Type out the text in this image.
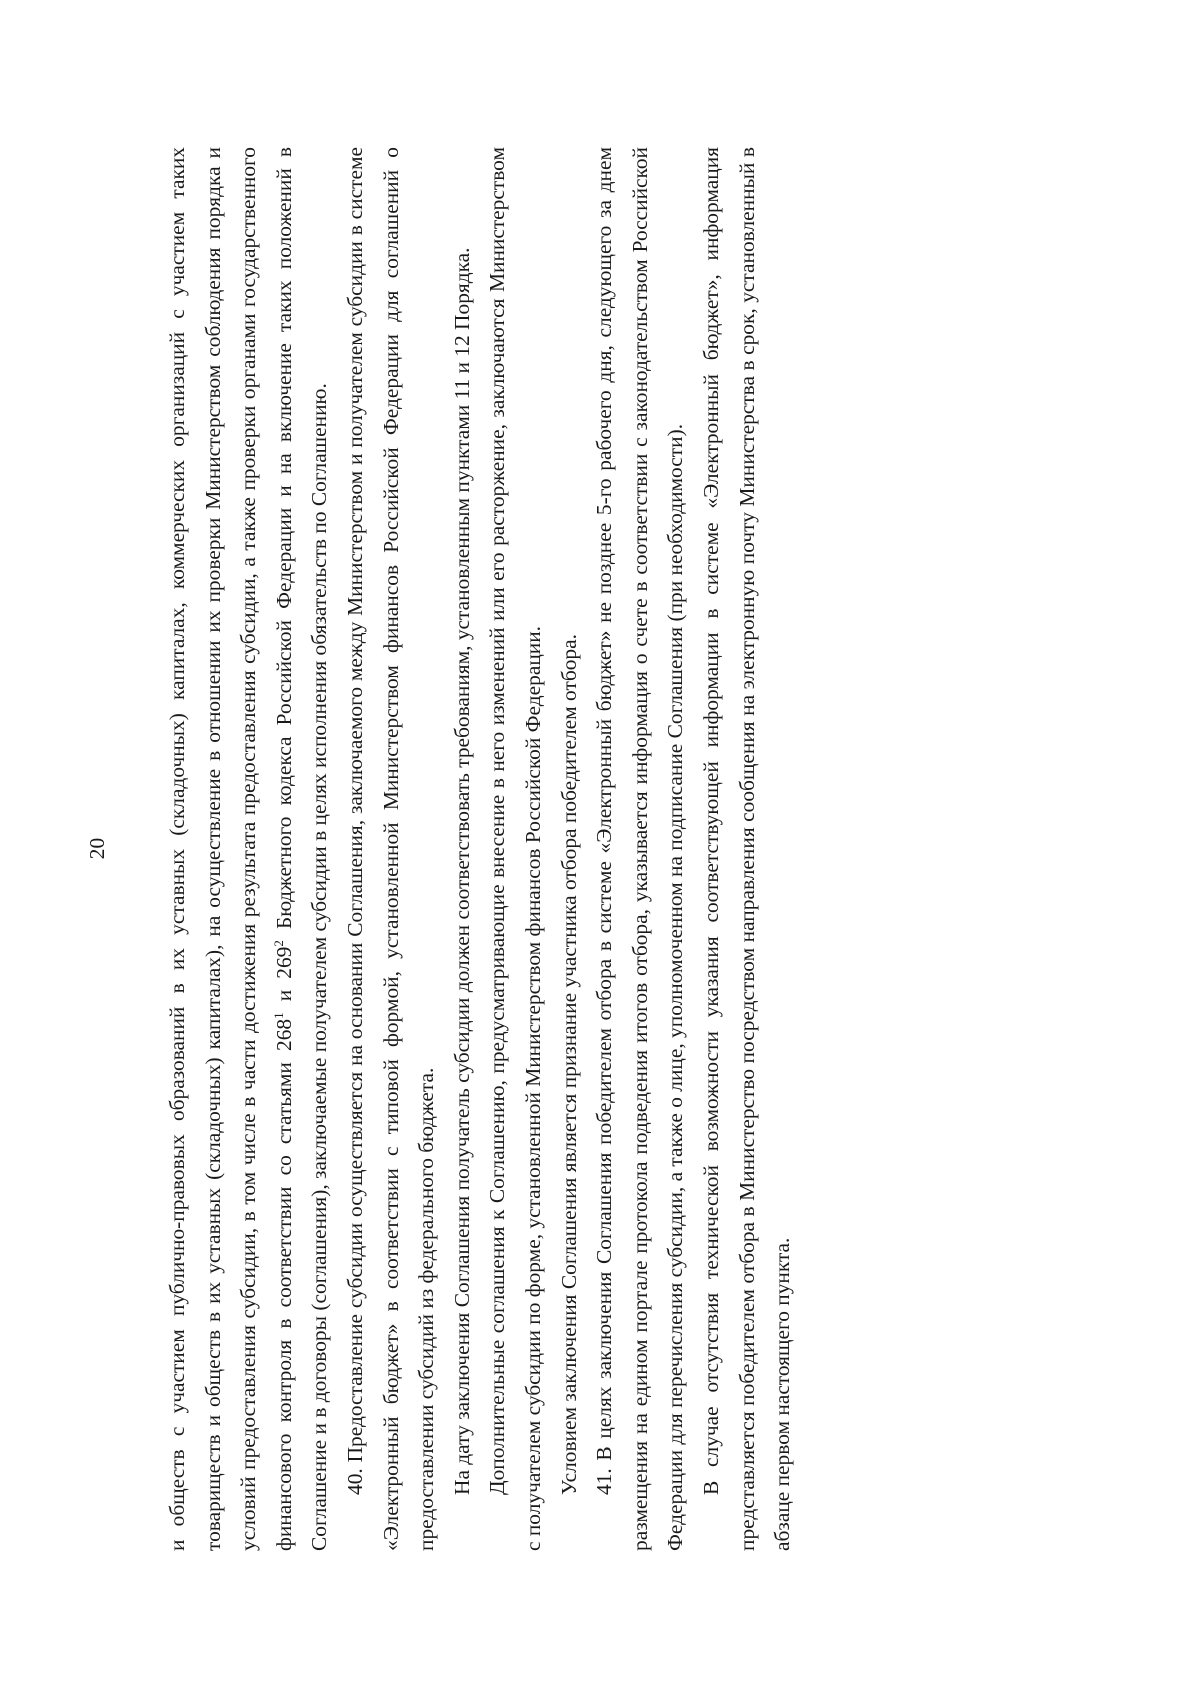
20	и обществ с участием публично-правовых образований в их уставных (складочных) капиталах, коммерческих организаций с участием таких товариществ и обществ в их уставных (складочных) капиталах), на осуществление в отношении их проверки Министерством соблюдения порядка и условий предоставления субсидии, в том числе в части достижения результата предоставления субсидии, а также проверки органами государственного финансового контроля в соответствии со статьями $268^1$ и $269^2$ Бюджетного кодекса Российской Федерации и на включение таких положений в Соглашение и в договоры (соглашения), заключаемые получателем субсидии в целях исполнения обязательств по Соглашению. 40. Предоставление субсидии осуществляется на основании Соглашения, заключаемого между Министерством и получателем субсидии в системе «Электронный бюджет» в соответствии с типовой формой, установленной Министерством финансов Российской Федерации для соглашений о предоставлении субсидий из федерального бюджета. На дату заключения Соглашения получатель субсидии должен соответствовать требованиям, установленным пунктами 11 и 12 Порядка. Дополнительные соглашения к Соглашению, предусматривающие внесение в него изменений или его расторжение, заключаются Министерством с получателем субсидии по форме, установленной Министерством финансов Российской Федерации. Условием заключения Соглашения является признание участника отбора победителем отбора. 41. В целях заключения Соглашения победителем отбора в системе «Электронный бюджет» не позднее 5-го рабочего дня, следующего за днем размещения на едином портале протокола подведения итогов отбора, указывается информация о счете в соответствии с законодательством Российской Федерации для перечисления субсидии, а также о лице, уполномоченном на подписание Соглашения (при необходимости). В случае отсутствия технической возможности указания соответствующей информации в системе «Электронный бюджет», информация представляется победителем отбора в Министерство посредством направления сообщения на электронную почту Министерства в срок, установленный в абзаце первом настоящего пункта.
